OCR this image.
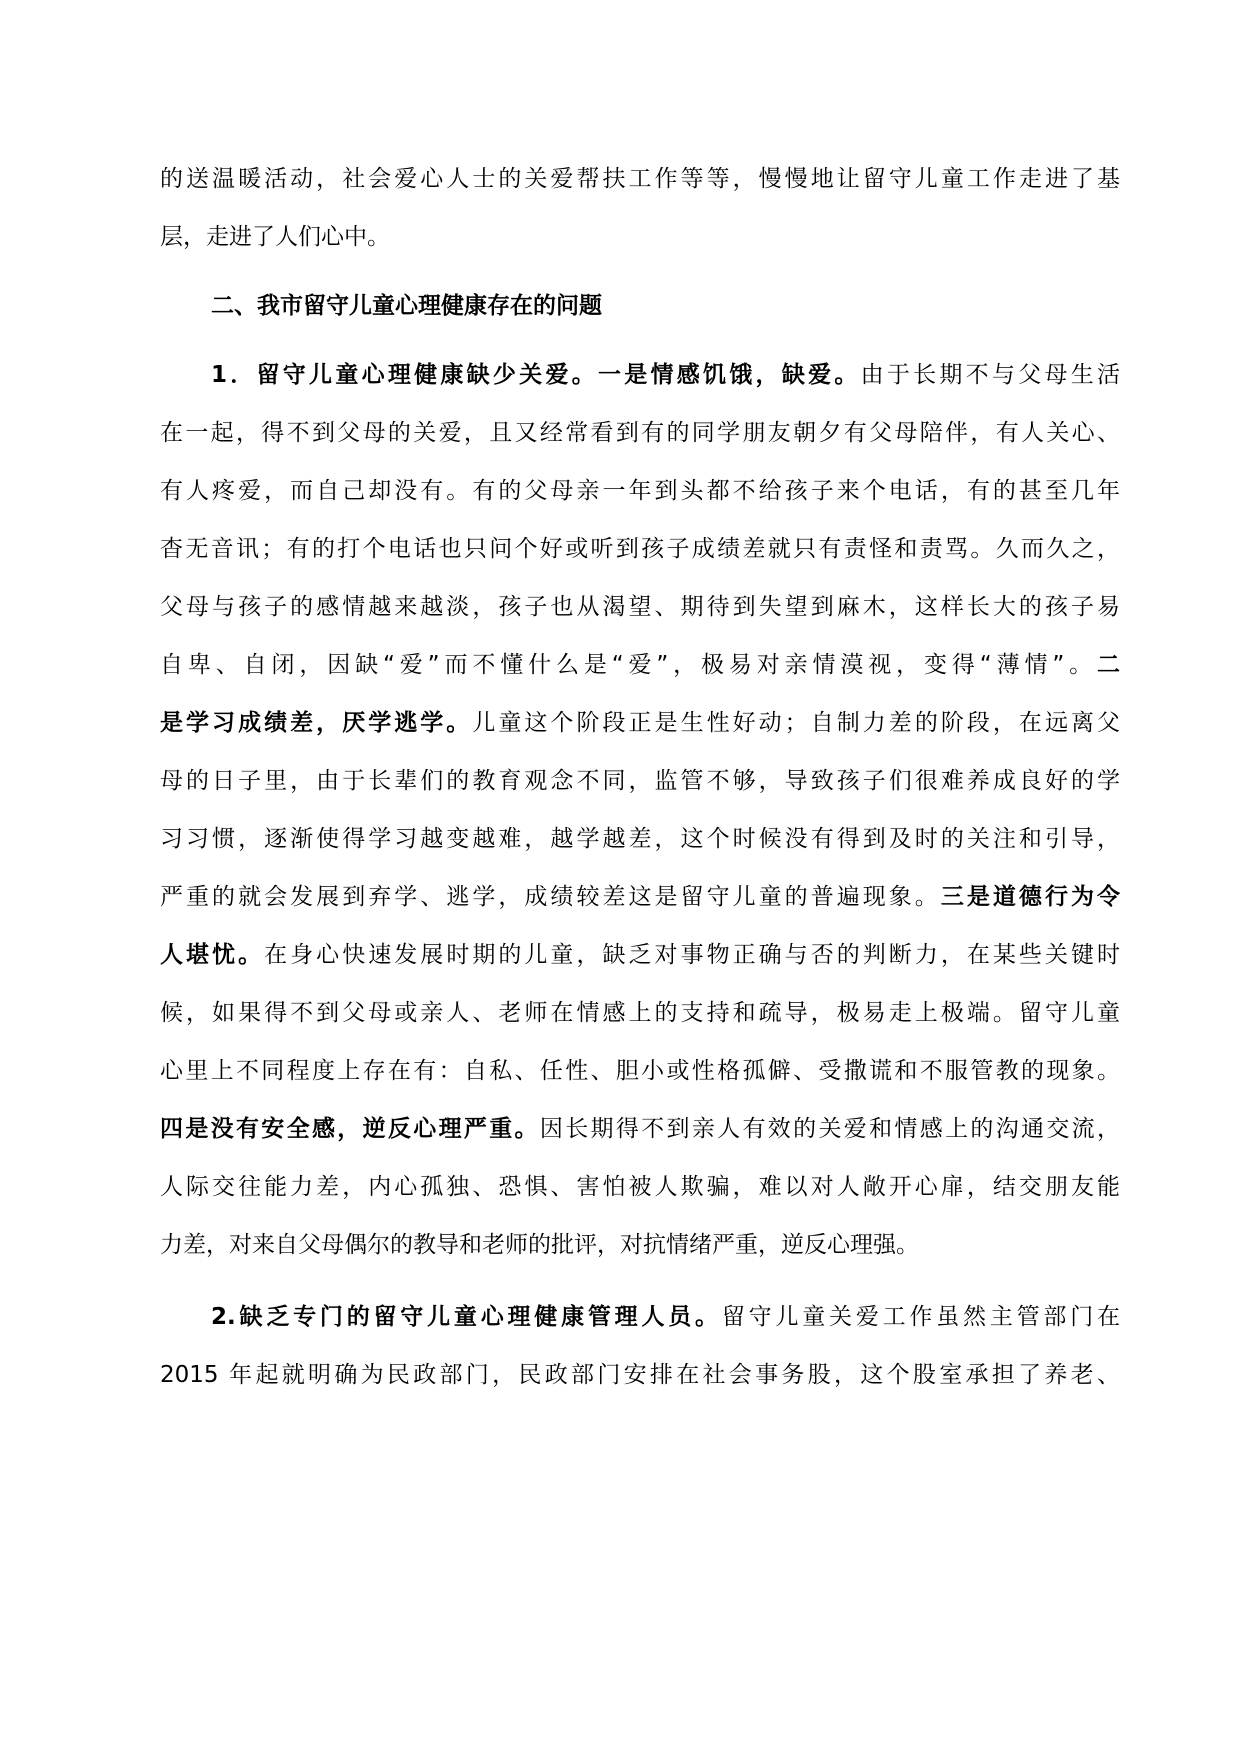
的送温暖活动，社会爱心人士的关爱帮扶工作等等，慢慢地让留守儿童工作走进了基
层，走进了人们心中。
二、我市留守儿童心理健康存在的问题
1．留守儿童心理健康缺少关爱。一是情感饥饿，缺爱。由于长期不与父母生活
在一起，得不到父母的关爱，且又经常看到有的同学朋友朝夕有父母陪伴，有人关心、
有人疼爱，而自己却没有。有的父母亲一年到头都不给孩子来个电话，有的甚至几年
杳无音讯；有的打个电话也只问个好或听到孩子成绩差就只有责怪和责骂。久而久之，
父母与孩子的感情越来越淡，孩子也从渴望、期待到失望到麻木，这样长大的孩子易
自卑、自闭，因缺“爱”而不懂什么是“爱”，极易对亲情漠视，变得“薄情”。二
是学习成绩差，厌学逃学。儿童这个阶段正是生性好动；自制力差的阶段，在远离父
母的日子里，由于长辈们的教育观念不同，监管不够，导致孩子们很难养成良好的学
习习惯，逐渐使得学习越变越难，越学越差，这个时候没有得到及时的关注和引导，
严重的就会发展到弃学、逃学，成绩较差这是留守儿童的普遍现象。三是道德行为令
人堪忧。在身心快速发展时期的儿童，缺乏对事物正确与否的判断力，在某些关键时
候，如果得不到父母或亲人、老师在情感上的支持和疏导，极易走上极端。留守儿童
心里上不同程度上存在有：自私、任性、胆小或性格孤僻、受撒谎和不服管教的现象。
四是没有安全感，逆反心理严重。因长期得不到亲人有效的关爱和情感上的沟通交流，
人际交往能力差，内心孤独、恐惧、害怕被人欺骗，难以对人敞开心扉，结交朋友能
力差，对来自父母偶尔的教导和老师的批评，对抗情绪严重，逆反心理强。
2.缺乏专门的留守儿童心理健康管理人员。留守儿童关爱工作虽然主管部门在
2015 年起就明确为民政部门，民政部门安排在社会事务股，这个股室承担了养老、
